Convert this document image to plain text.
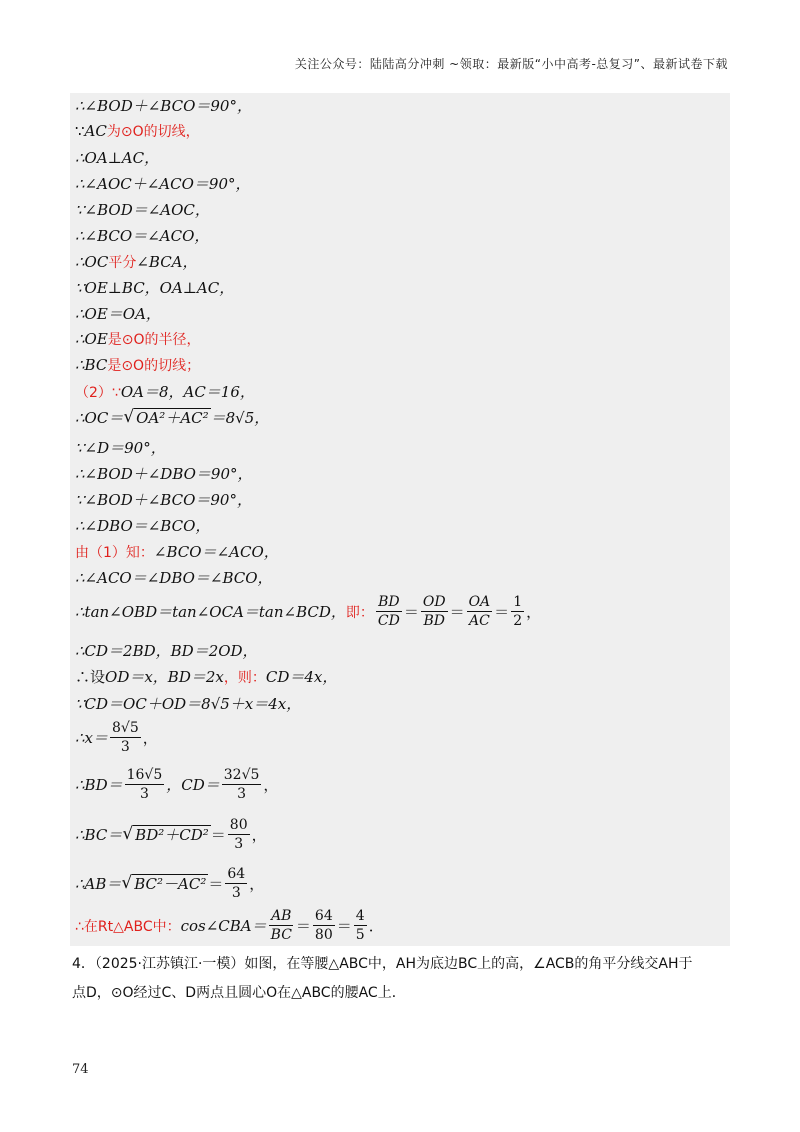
关注公众号：陆陆高分冲刺 ~领取：最新版“小中高考-总复习”、最新试卷下载
∴∠BOD＋∠BCO＝90°，
∵ AC 为⊙O的切线，
∴OA⊥AC，
∴∠AOC＋∠ACO＝90°，
∵∠BOD＝∠AOC，
∴∠BCO＝∠ACO，
∴OC 平分 ∠BCA，
∵OE⊥BC，OA⊥AC，
∴OE＝OA，
∴OE 是⊙O的半径，
∴BC 是⊙O的切线；
（2）∵ OA＝8，AC＝16，
∴OC＝ √ OA²＋AC² ＝8√5，
∵∠D＝90°，
∴∠BOD＋∠DBO＝90°，
∵∠BOD＋∠BCO＝90°，
∴∠DBO＝∠BCO，
由（1）知： ∠BCO＝∠ACO，
∴∠ACO＝∠DBO＝∠BCO，
∴tan∠OBD＝tan∠OCA＝tan∠BCD， 即： $\frac{BD}{CD} = \frac{OD}{BD} = \frac{OA}{AC} = \frac{1}{2}$ ，
∴CD＝2BD，BD＝2OD，
∴设 OD＝x，BD＝2x ，则： CD＝4x，
∵CD＝OC＋OD＝8√5＋x＝4x，
∴x＝ $\frac{8√5}{3}$ ，
∴BD＝ $\frac{16√5}{3}$ ，$CD= \frac{32√5}{3}$ ，
∴BC＝ √ $BD^2+CD^2 = \frac{80}{3}$ ，
∴AB＝ √ $BC^2-AC^2 = \frac{64}{3}$ ，
∴在Rt△ABC中： cos∠CBA＝ $\frac{AB}{BC} = \frac{64}{80} = \frac{4}{5}$ ．
4．（2025·江苏镇江·一模）如图，在等腰△ABC中，AH为底边BC上的高，∠ACB的角平分线交AH于
点D，⊙O经过C、D两点且圆心O在△ABC的腰AC上．
74
